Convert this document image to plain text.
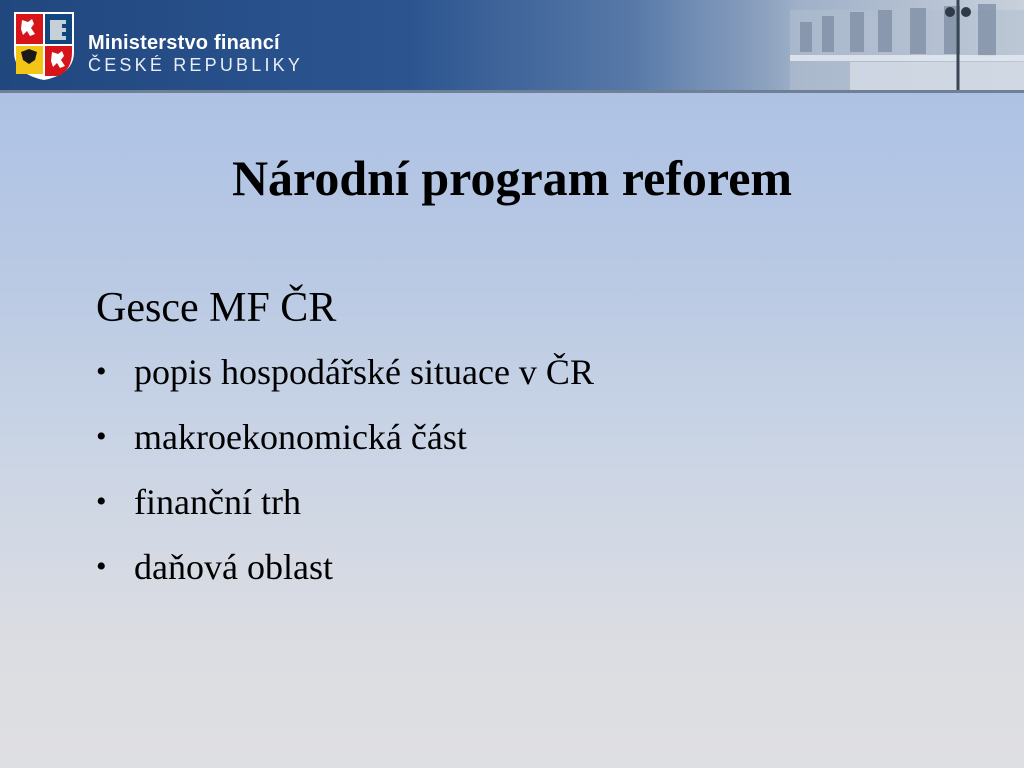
Ministerstvo financí
ČESKÉ REPUBLIKY
Národní program reforem
Gesce MF ČR
• popis hospodářské situace v ČR
• makroekonomická část
• finanční trh
• daňová oblast
